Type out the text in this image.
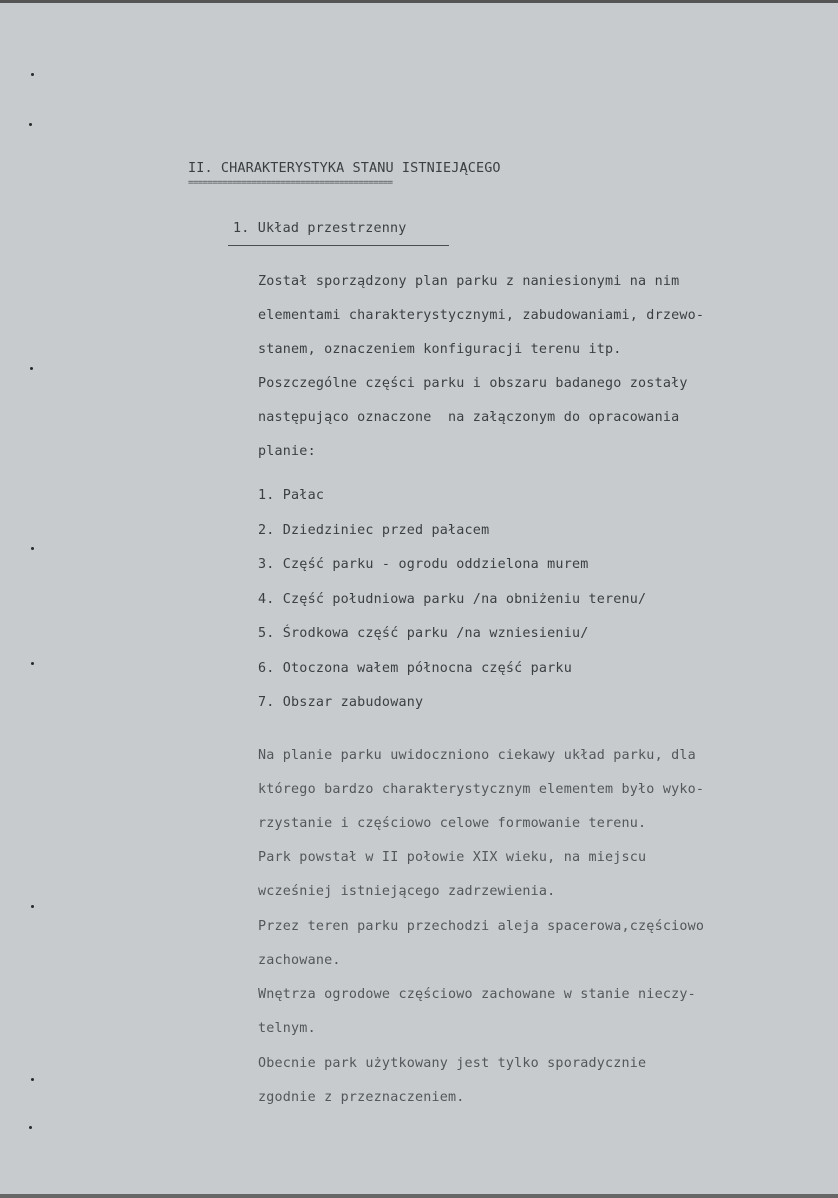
II. CHARAKTERYSTYKA STANU ISTNIEJĄCEGO
==========================================
1. Układ przestrzenny
Został sporządzony plan parku z naniesionymi na nim
elementami charakterystycznymi, zabudowaniami, drzewo-
stanem, oznaczeniem konfiguracji terenu itp.
Poszczególne części parku i obszaru badanego zostały
następująco oznaczone  na załączonym do opracowania
planie:
1. Pałac
2. Dziedziniec przed pałacem
3. Część parku - ogrodu oddzielona murem
4. Część południowa parku /na obniżeniu terenu/
5. Środkowa część parku /na wzniesieniu/
6. Otoczona wałem północna część parku
7. Obszar zabudowany
Na planie parku uwidoczniono ciekawy układ parku, dla
którego bardzo charakterystycznym elementem było wyko-
rzystanie i częściowo celowe formowanie terenu.
Park powstał w II połowie XIX wieku, na miejscu
wcześniej istniejącego zadrzewienia.
Przez teren parku przechodzi aleja spacerowa,częściowo
zachowane.
Wnętrza ogrodowe częściowo zachowane w stanie nieczy-
telnym.
Obecnie park użytkowany jest tylko sporadycznie
zgodnie z przeznaczeniem.
